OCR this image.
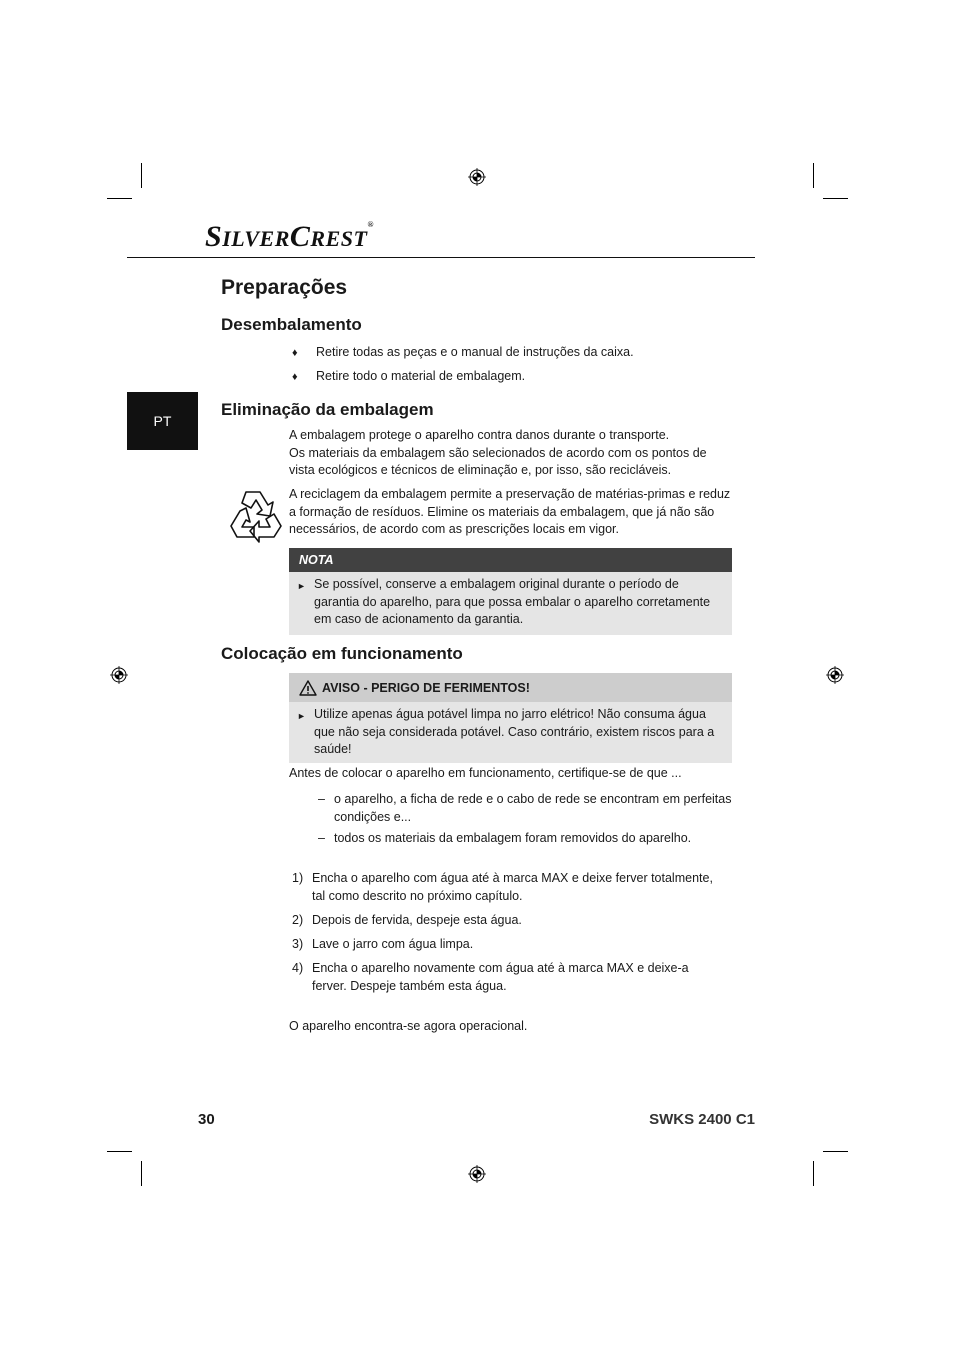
SILVERCREST®
PT
Preparações
Desembalamento
♦ Retire todas as peças e o manual de instruções da caixa.
♦ Retire todo o material de embalagem.
Eliminação da embalagem
A embalagem protege o aparelho contra danos durante o transporte.
Os materiais da embalagem são selecionados de acordo com os pontos de vista ecológicos e técnicos de eliminação e, por isso, são recicláveis.
A reciclagem da embalagem permite a preservação de matérias-primas e reduz a formação de resíduos. Elimine os materiais da embalagem, que já não são necessários, de acordo com as prescrições locais em vigor.
NOTA
► Se possível, conserve a embalagem original durante o período de garantia do aparelho, para que possa embalar o aparelho corretamente em caso de acionamento da garantia.
Colocação em funcionamento
AVISO - PERIGO DE FERIMENTOS!
► Utilize apenas água potável limpa no jarro elétrico! Não consuma água que não seja considerada potável. Caso contrário, existem riscos para a saúde!
Antes de colocar o aparelho em funcionamento, certifique-se de que ...
– o aparelho, a ficha de rede e o cabo de rede se encontram em perfeitas condições e...
– todos os materiais da embalagem foram removidos do aparelho.
1) Encha o aparelho com água até à marca MAX e deixe ferver totalmente, tal como descrito no próximo capítulo.
2) Depois de fervida, despeje esta água.
3) Lave o jarro com água limpa.
4) Encha o aparelho novamente com água até à marca MAX e deixe-a ferver. Despeje também esta água.
O aparelho encontra-se agora operacional.
30	SWKS 2400 C1
